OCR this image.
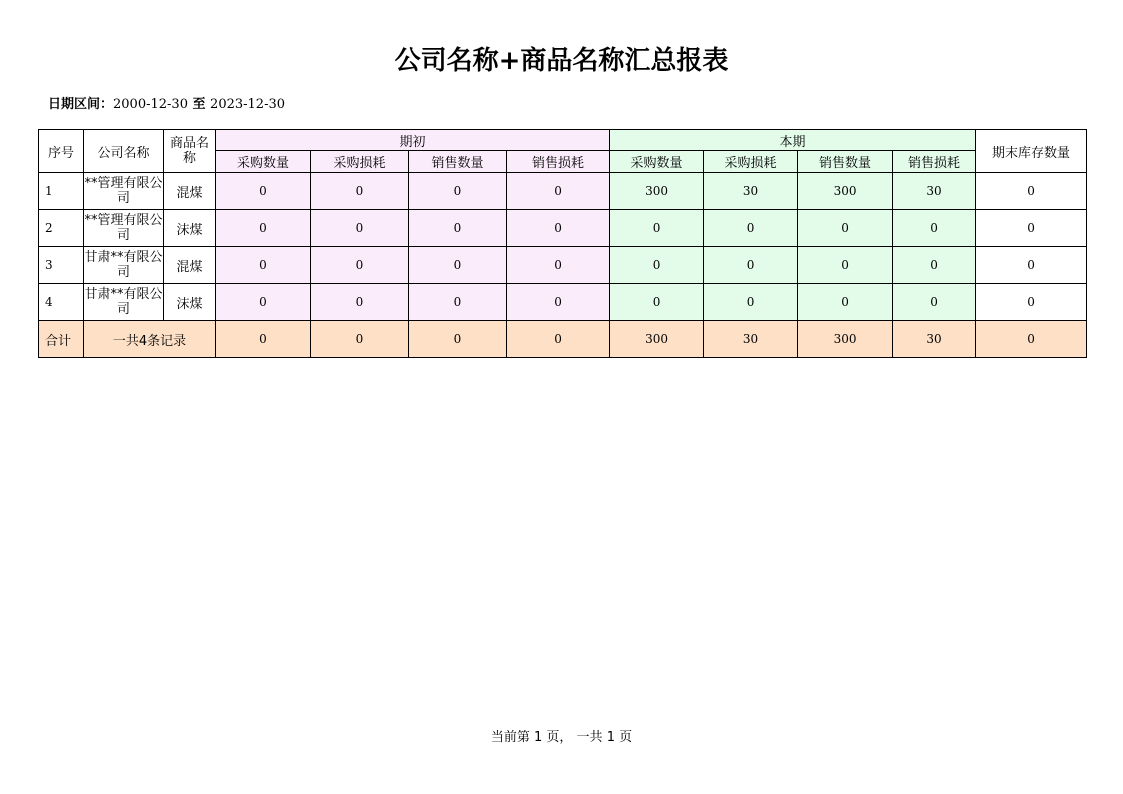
公司名称+商品名称汇总报表
日期区间：2000-12-30 至 2023-12-30
序号	公司名称	商品名称	期初				本期				期末库存数量
			采购数量	采购损耗	销售数量	销售损耗	采购数量	采购损耗	销售数量	销售损耗	
1	**管理有限公司	混煤	0	0	0	0	300	30	300	30	0
2	**管理有限公司	沫煤	0	0	0	0	0	0	0	0	0
3	甘肃**有限公司	混煤	0	0	0	0	0	0	0	0	0
4	甘肃**有限公司	沫煤	0	0	0	0	0	0	0	0	0
合计	一共4条记录		0	0	0	0	300	30	300	30	0
当前第 1 页， 一共 1 页
